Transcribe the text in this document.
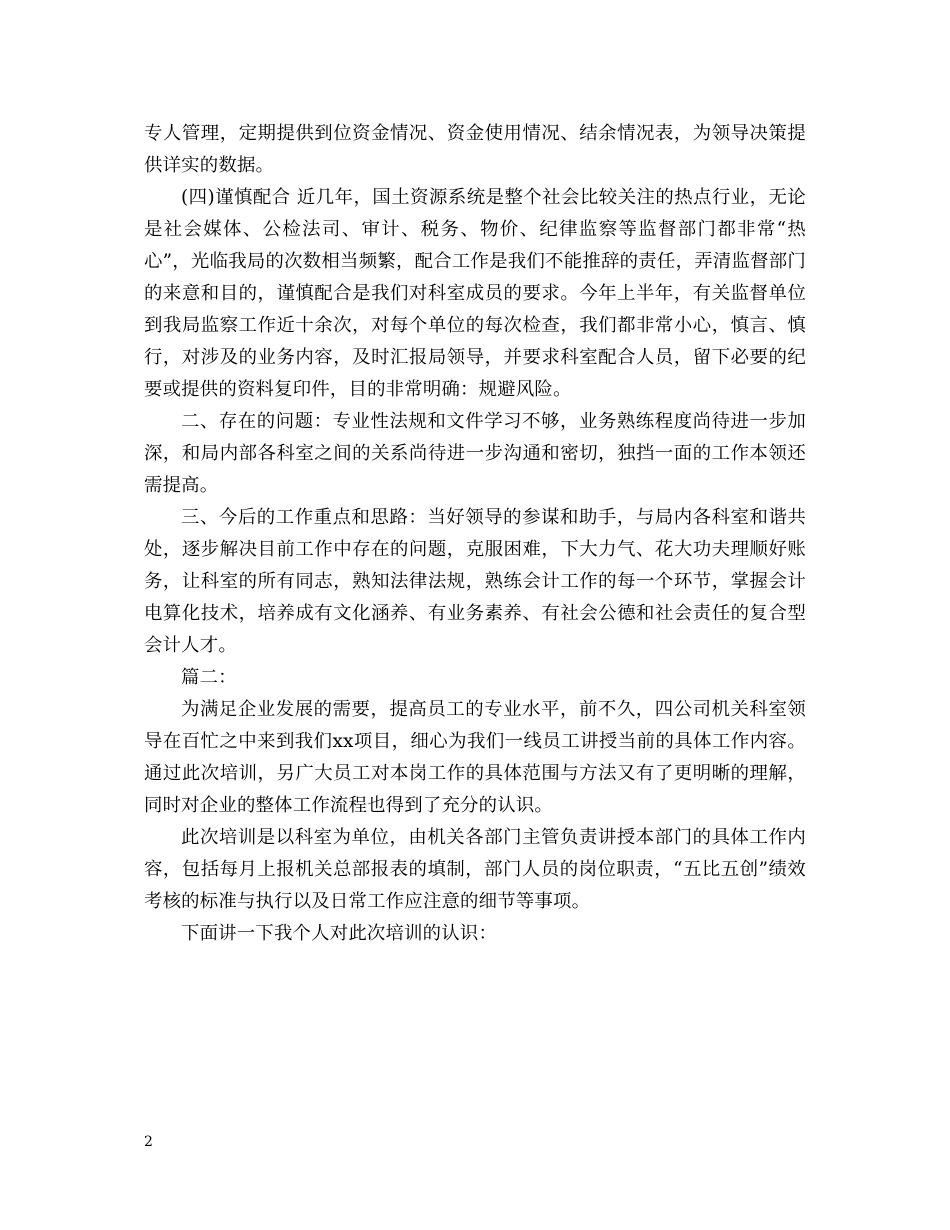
专人管理，定期提供到位资金情况、资金使用情况、结余情况表，为领导决策提供详实的数据。

(四)谨慎配合 近几年，国土资源系统是整个社会比较关注的热点行业，无论是社会媒体、公检法司、审计、税务、物价、纪律监察等监督部门都非常“热心”，光临我局的次数相当频繁，配合工作是我们不能推辞的责任，弄清监督部门的来意和目的，谨慎配合是我们对科室成员的要求。今年上半年，有关监督单位到我局监察工作近十余次，对每个单位的每次检查，我们都非常小心，慎言、慎行，对涉及的业务内容，及时汇报局领导，并要求科室配合人员，留下必要的纪要或提供的资料复印件，目的非常明确：规避风险。

二、存在的问题：专业性法规和文件学习不够，业务熟练程度尚待进一步加深，和局内部各科室之间的关系尚待进一步沟通和密切，独挡一面的工作本领还需提高。

三、今后的工作重点和思路：当好领导的参谋和助手，与局内各科室和谐共处，逐步解决目前工作中存在的问题，克服困难，下大力气、花大功夫理顺好账务，让科室的所有同志，熟知法律法规，熟练会计工作的每一个环节，掌握会计电算化技术，培养成有文化涵养、有业务素养、有社会公德和社会责任的复合型会计人才。

篇二：

为满足企业发展的需要，提高员工的专业水平，前不久，四公司机关科室领导在百忙之中来到我们xx项目，细心为我们一线员工讲授当前的具体工作内容。通过此次培训，另广大员工对本岗工作的具体范围与方法又有了更明晰的理解，同时对企业的整体工作流程也得到了充分的认识。

此次培训是以科室为单位，由机关各部门主管负责讲授本部门的具体工作内容，包括每月上报机关总部报表的填制，部门人员的岗位职责，“五比五创”绩效考核的标准与执行以及日常工作应注意的细节等事项。

下面讲一下我个人对此次培训的认识：

2
